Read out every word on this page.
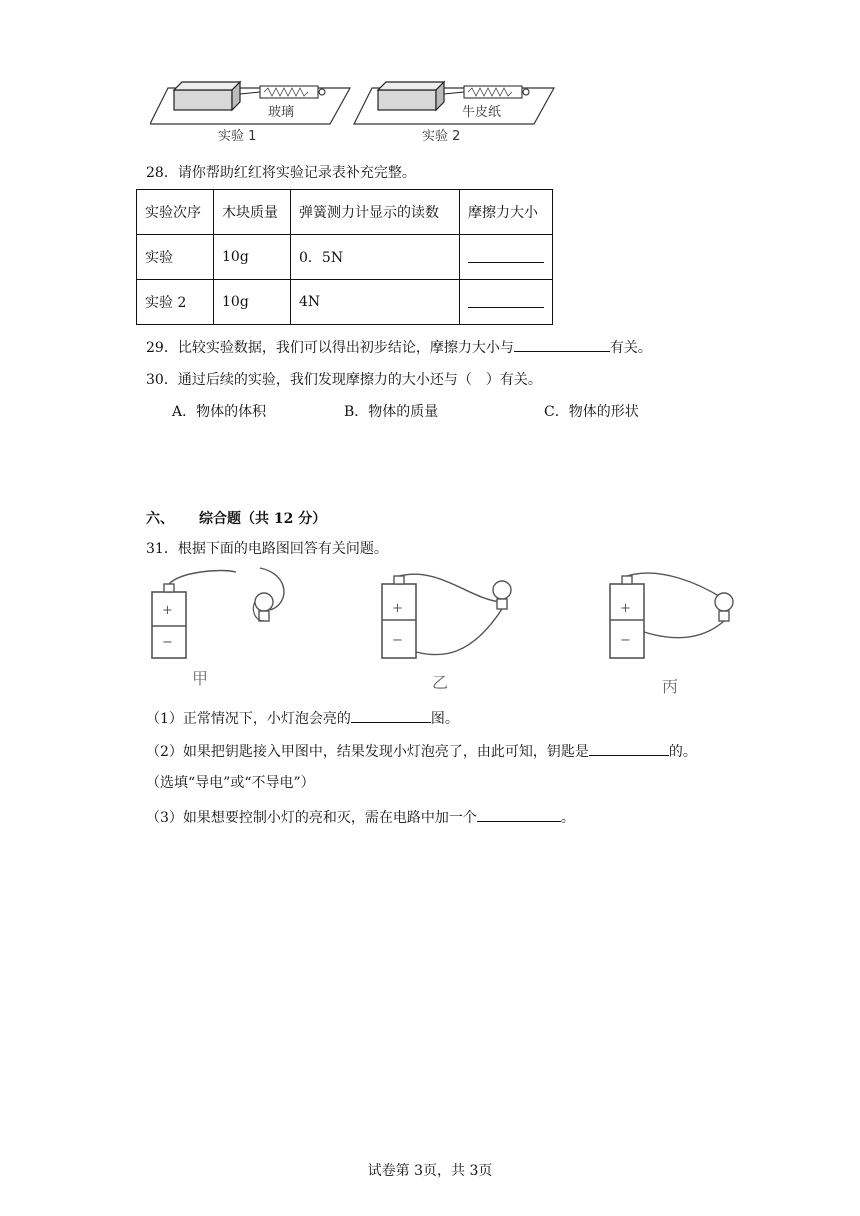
玻璃
实验 1
牛皮纸
实验 2
28．请你帮助红红将实验记录表补充完整。
实验次序	木块质量	弹簧测力计显示的读数	摩擦力大小
实验	10g	0．5N	
实验 2	10g	4N	
29．比较实验数据，我们可以得出初步结论，摩擦力大小与	有关。
30．通过后续的实验，我们发现摩擦力的大小还与（　）有关。
A．物体的体积	B．物体的质量	C．物体的形状
六、 综合题（共 12 分）
31．根据下面的电路图回答有关问题。
+
−
甲
+
−
乙
+
−
丙
（1）正常情况下，小灯泡会亮的	图。
（2）如果把钥匙接入甲图中，结果发现小灯泡亮了，由此可知，钥匙是	的。
（选填“导电”或“不导电”）
（3）如果想要控制小灯的亮和灭，需在电路中加一个	。
试卷第 3页，共 3页
